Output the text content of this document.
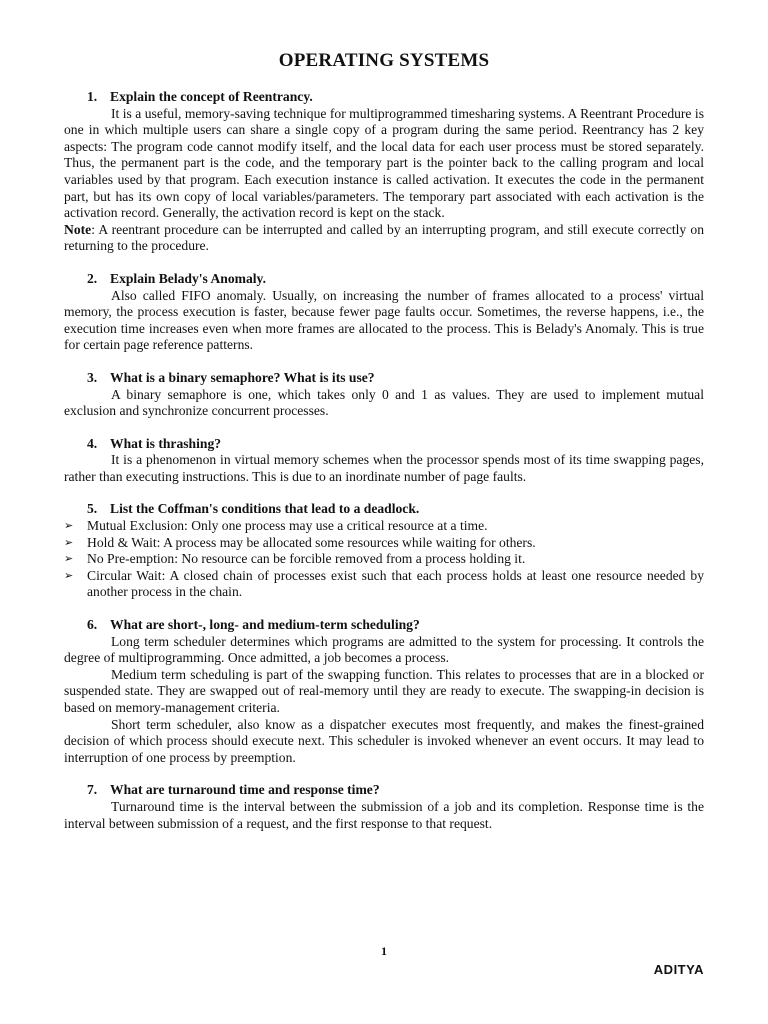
OPERATING SYSTEMS

1. Explain the concept of Reentrancy.

It is a useful, memory-saving technique for multiprogrammed timesharing systems. A Reentrant Procedure is one in which multiple users can share a single copy of a program during the same period. Reentrancy has 2 key aspects: The program code cannot modify itself, and the local data for each user process must be stored separately. Thus, the permanent part is the code, and the temporary part is the pointer back to the calling program and local variables used by that program. Each execution instance is called activation. It executes the code in the permanent part, but has its own copy of local variables/parameters. The temporary part associated with each activation is the activation record. Generally, the activation record is kept on the stack.

Note: A reentrant procedure can be interrupted and called by an interrupting program, and still execute correctly on returning to the procedure.

2. Explain Belady's Anomaly.

Also called FIFO anomaly. Usually, on increasing the number of frames allocated to a process' virtual memory, the process execution is faster, because fewer page faults occur. Sometimes, the reverse happens, i.e., the execution time increases even when more frames are allocated to the process. This is Belady's Anomaly. This is true for certain page reference patterns.

3. What is a binary semaphore? What is its use?

A binary semaphore is one, which takes only 0 and 1 as values. They are used to implement mutual exclusion and synchronize concurrent processes.

4. What is thrashing?

It is a phenomenon in virtual memory schemes when the processor spends most of its time swapping pages, rather than executing instructions. This is due to an inordinate number of page faults.

5. List the Coffman's conditions that lead to a deadlock.

➢ Mutual Exclusion: Only one process may use a critical resource at a time.
➢ Hold & Wait: A process may be allocated some resources while waiting for others.
➢ No Pre-emption: No resource can be forcible removed from a process holding it.
➢ Circular Wait: A closed chain of processes exist such that each process holds at least one resource needed by another process in the chain.

6. What are short-, long- and medium-term scheduling?

Long term scheduler determines which programs are admitted to the system for processing. It controls the degree of multiprogramming. Once admitted, a job becomes a process.

Medium term scheduling is part of the swapping function. This relates to processes that are in a blocked or suspended state. They are swapped out of real-memory until they are ready to execute. The swapping-in decision is based on memory-management criteria.

Short term scheduler, also know as a dispatcher executes most frequently, and makes the finest-grained decision of which process should execute next. This scheduler is invoked whenever an event occurs. It may lead to interruption of one process by preemption.

7. What are turnaround time and response time?

Turnaround time is the interval between the submission of a job and its completion. Response time is the interval between submission of a request, and the first response to that request.

1
ADITYA
